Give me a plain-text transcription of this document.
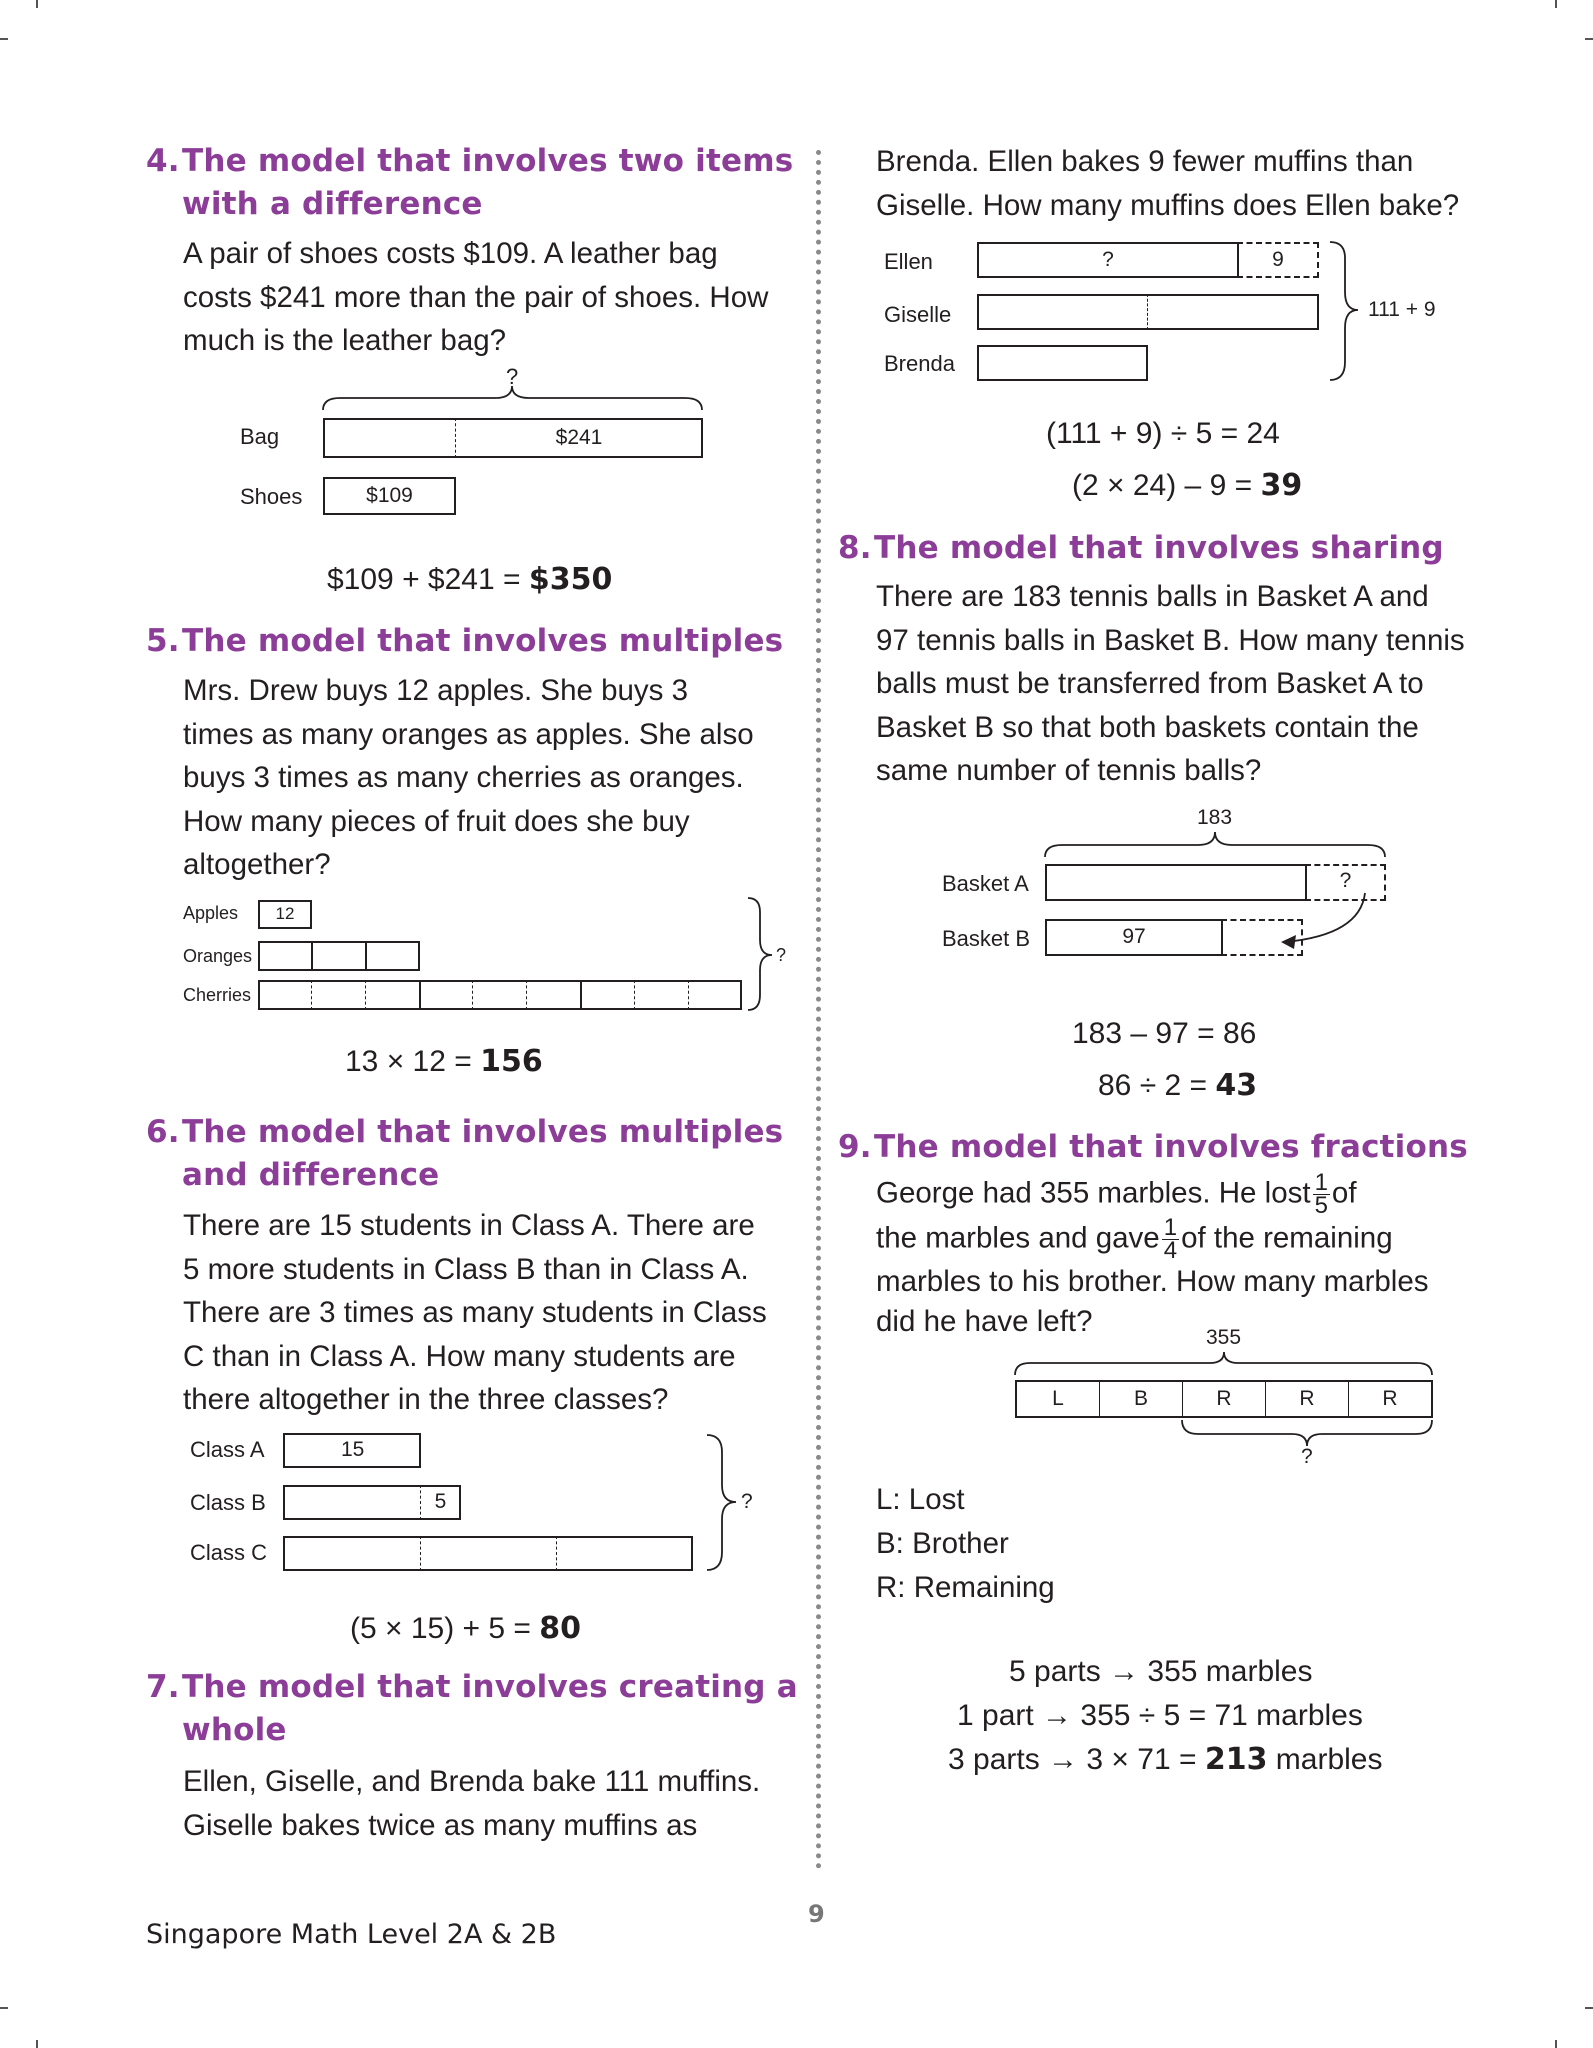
4.The model that involves two items
with a difference
A pair of shoes costs $109. A leather bag
costs $241 more than the pair of shoes. How
much is the leather bag?
?
Bag	$241
Shoes	$109
$109 + $241 = $350
5.The model that involves multiples
Mrs. Drew buys 12 apples. She buys 3
times as many oranges as apples. She also
buys 3 times as many cherries as oranges.
How many pieces of fruit does she buy
altogether?
Apples	12
Oranges
Cherries
?
13 × 12 = 156
6.The model that involves multiples
and difference
There are 15 students in Class A. There are
5 more students in Class B than in Class A.
There are 3 times as many students in Class
C than in Class A. How many students are
there altogether in the three classes?
Class A	15
Class B	5
Class C
?
(5 × 15) + 5 = 80
7.The model that involves creating a
whole
Ellen, Giselle, and Brenda bake 111 muffins.
Giselle bakes twice as many muffins as
Brenda. Ellen bakes 9 fewer muffins than
Giselle. How many muffins does Ellen bake?
Ellen	?	9
Giselle
Brenda
111 + 9
(111 + 9) ÷ 5 = 24
(2 × 24) – 9 = 39
8.The model that involves sharing
There are 183 tennis balls in Basket A and
97 tennis balls in Basket B. How many tennis
balls must be transferred from Basket A to
Basket B so that both baskets contain the
same number of tennis balls?
183
Basket A	?
Basket B	97
183 – 97 = 86
86 ÷ 2 = 43
9.The model that involves fractions
George had 355 marbles. He lost $\frac{1}{5}$ of
the marbles and gave $\frac{1}{4}$ of the remaining
marbles to his brother. How many marbles
did he have left?	355
L	B	R	R	R
?
L: Lost
B: Brother
R: Remaining
5 parts → 355 marbles
1 part → 355 ÷ 5 = 71 marbles
3 parts → 3 × 71 = 213 marbles
9
Singapore Math Level 2A & 2B
